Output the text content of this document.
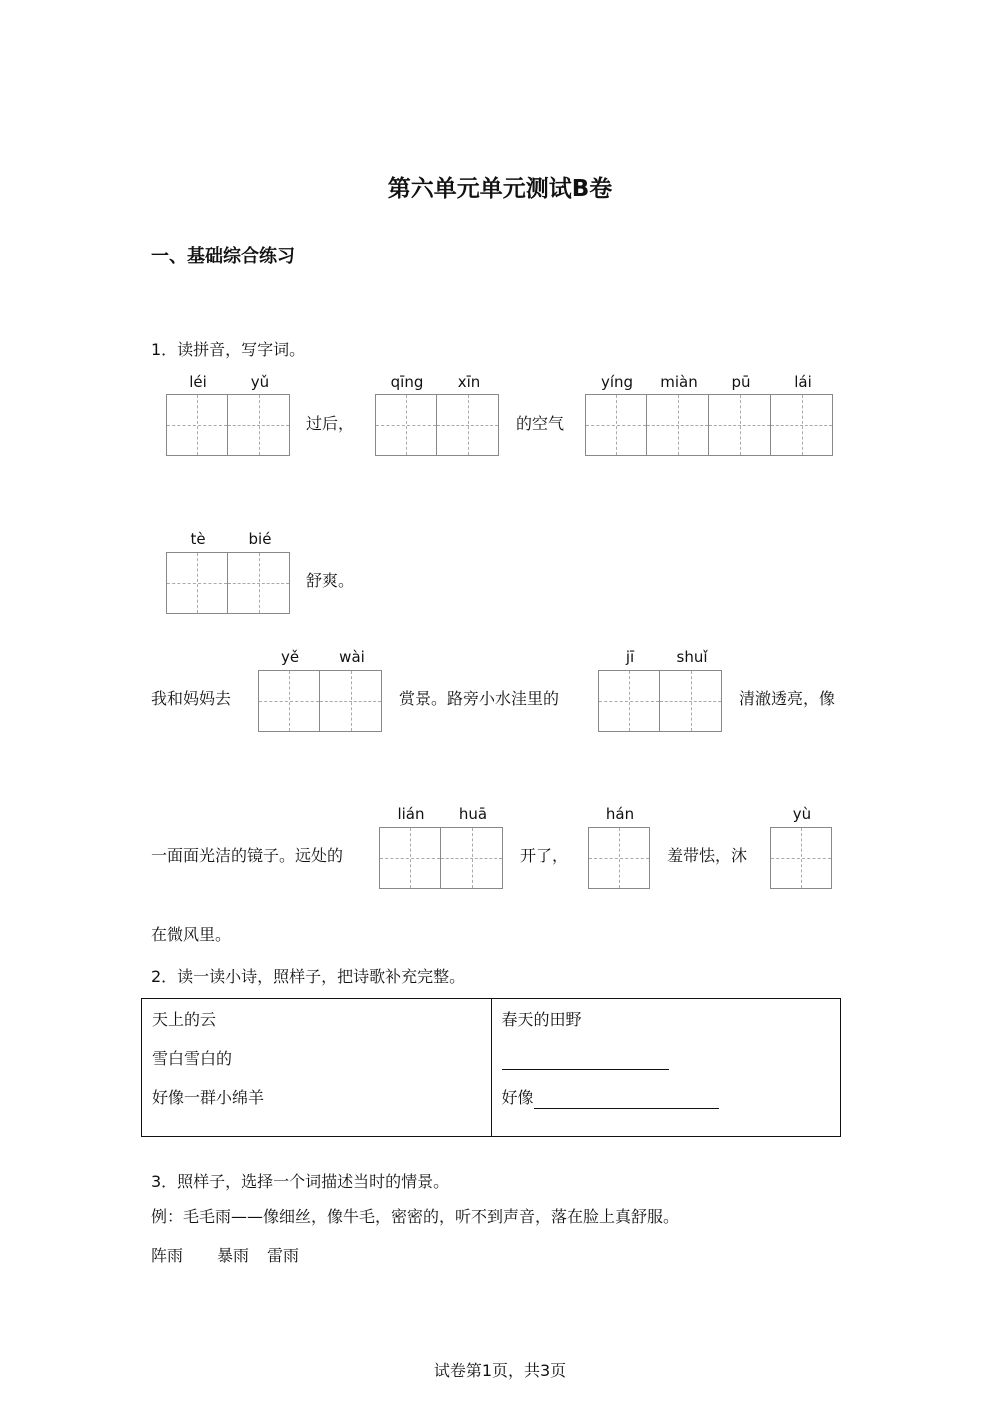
第六单元单元测试B卷
一、基础综合练习
1．读拼音，写字词。
léi	yǔ
过后，
qīng	xīn
的空气
yíng	miàn	pū	lái
tè	bié
舒爽。
我和妈妈去
yě	wài
赏景。路旁小水洼里的
jī	shuǐ
清澈透亮，像
一面面光洁的镜子。远处的
lián	huā
开了，
hán
羞带怯，沐
yù
在微风里。
2．读一读小诗，照样子，把诗歌补充完整。
天上的云
雪白雪白的
好像一群小绵羊

春天的田野
好像
3．照样子，选择一个词描述当时的情景。
例：毛毛雨——像细丝，像牛毛，密密的，听不到声音，落在脸上真舒服。
阵雨 暴雨 雷雨
试卷第1页，共3页
